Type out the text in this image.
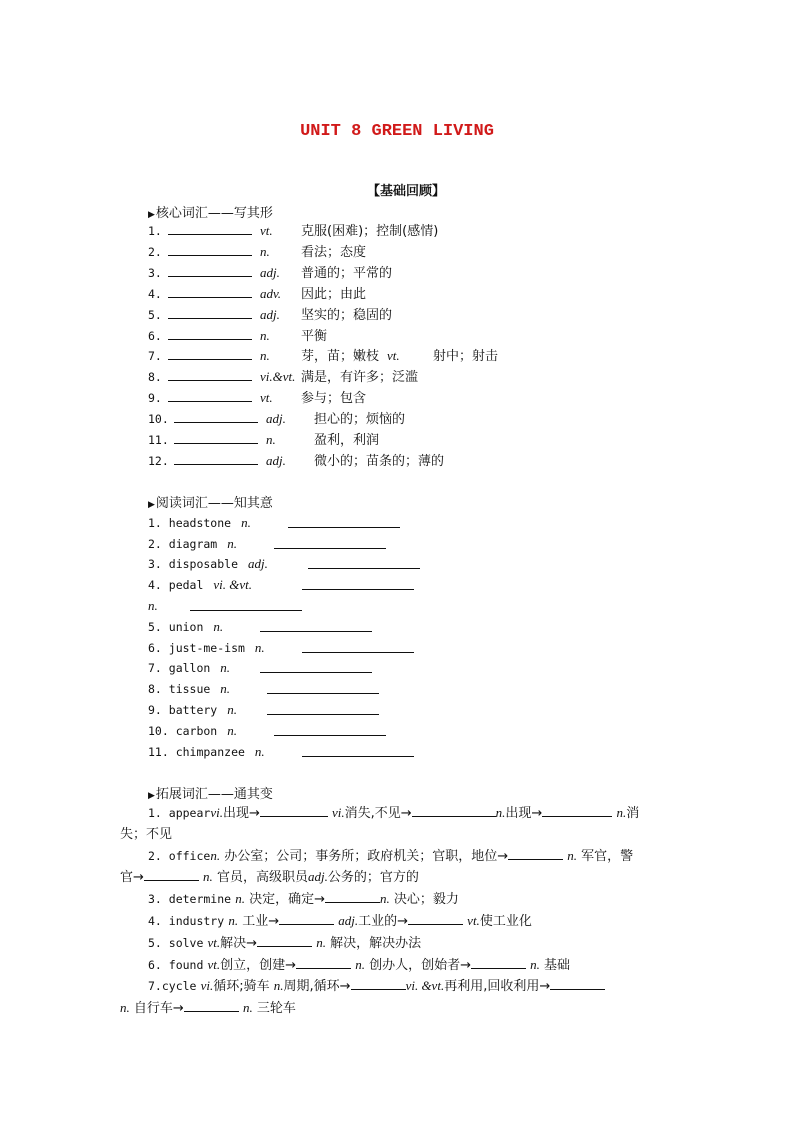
UNIT 8 GREEN LIVING
【基础回顾】
▶核心词汇——写其形
1.	vt. 克服(困难)；控制(感情)
2.	n. 看法；态度
3.	adj. 普通的；平常的
4.	adv. 因此；由此
5.	adj. 坚实的；稳固的
6.	n. 平衡
7.	n. 芽，苗；嫩枝 vt.	射中；射击
8.	vi.&vt. 满是，有许多；泛滥
9.	vt. 参与；包含
10.	adj. 担心的；烦恼的
11.	n.	盈利，利润
12.	adj. 微小的；苗条的；薄的
▶阅读词汇——知其意
1. headstone n.
2. diagram n.
3. disposable adj.
4. pedal vi. &vt.
n.
5. union n.
6. just-me-ism n.
7. gallon n.
8. tissue n.
9. battery n.
10. carbon n.
11. chimpanzee n.
▶拓展词汇——通其变

1. appearvi.出现→	vi.消失,不见→	n.出现→	n.消

失；不见

2. officen. 办公室；公司；事务所；政府机关；官职，地位→	n. 军官，警

官→	n. 官员，高级职员adj.公务的；官方的

3. determine n. 决定，确定→	n. 决心；毅力

4. industry n. 工业→	adj.工业的→	vt.使工业化

5. solve vt.解决→	n. 解决，解决办法

6. found vt.创立，创建→	n. 创办人，创始者→	n. 基础

7.cycle vi.循环;骑车 n.周期,循环→	vi. &vt.再利用,回收利用→

n. 自行车→	n. 三轮车
